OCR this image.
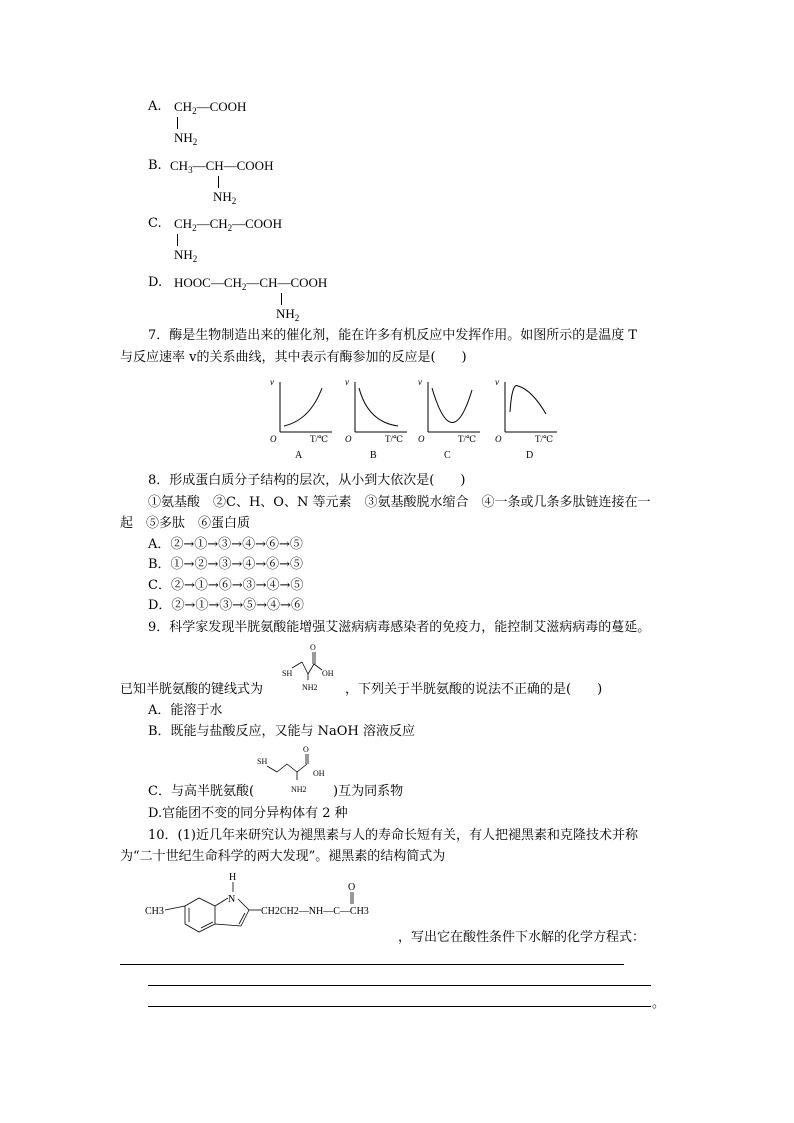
A. $CH_2—COOH$
$NH_2$
B. $CH_3—CH—COOH$
$NH_2$
C. $CH_2—CH_2—COOH$
$NH_2$
D. $HOOC—CH_2—CH—COOH$
$NH_2$
7．酶是生物制造出来的催化剂，能在许多有机反应中发挥作用。如图所示的是温度 T
与反应速率 v的关系曲线，其中表示有酶参加的反应是(　　)
v
O	T/℃
A
v
O	T/℃
B
v
O	T/℃
C
v
O	T/℃
D
8．形成蛋白质分子结构的层次，从小到大依次是(　　)
①氨基酸　②C、H、O、N 等元素　③氨基酸脱水缩合　④一条或几条多肽链连接在一
起　⑤多肽　⑥蛋白质
A．②→①→③→④→⑥→⑤
B．①→②→③→④→⑥→⑤
C．②→①→⑥→③→④→⑤
D．②→①→③→⑤→④→⑥
9．科学家发现半胱氨酸能增强艾滋病病毒感染者的免疫力，能控制艾滋病病毒的蔓延。
O
SH	OH
NH2
已知半胱氨酸的键线式为	，下列关于半胱氨酸的说法不正确的是(　　)
A．能溶于水
B．既能与盐酸反应，又能与 NaOH 溶液反应
O
SH
OH
NH2
C．与高半胱氨酸(	)互为同系物
D.官能团不变的同分异构体有 2 种
10．(1)近几年来研究认为褪黑素与人的寿命长短有关，有人把褪黑素和克隆技术并称
为“二十世纪生命科学的两大发现”。褪黑素的结构简式为
H
N
CH3	CH2CH2—NH—C—CH3
O
，写出它在酸性条件下水解的化学方程式：
。
